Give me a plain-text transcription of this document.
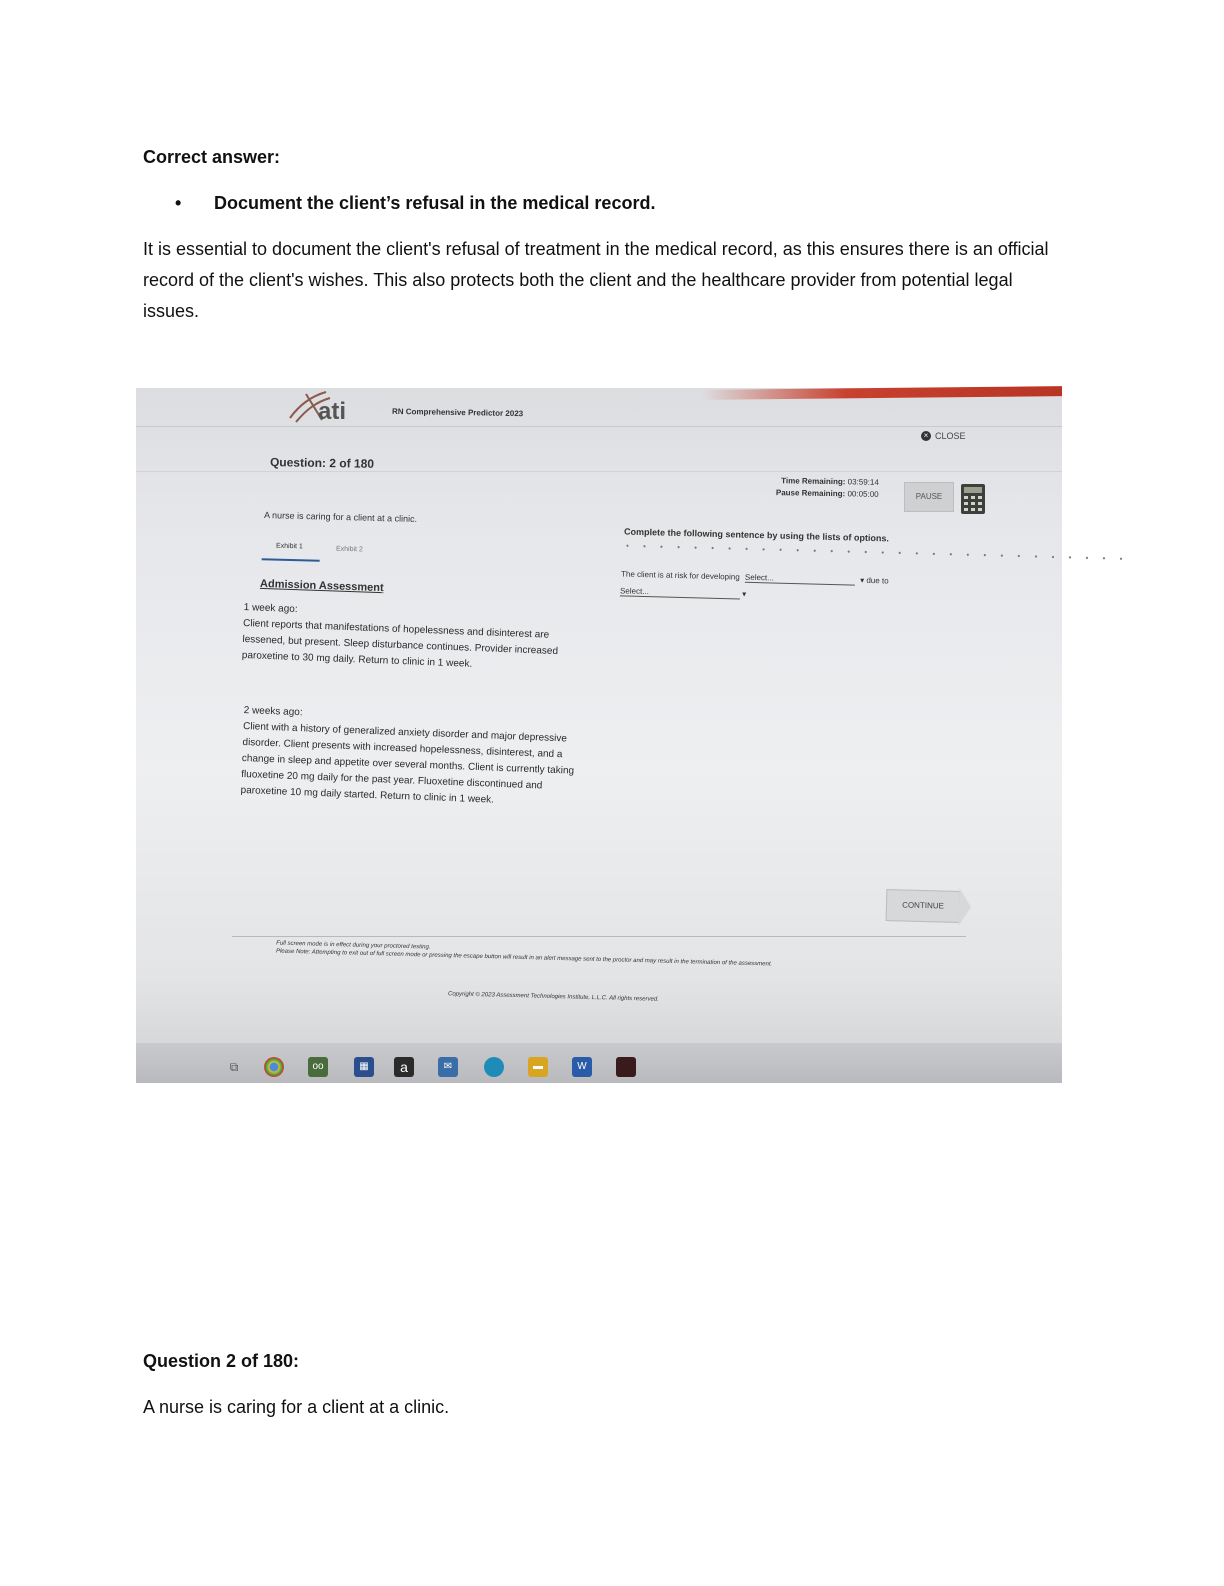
Correct answer:
•	Document the client’s refusal in the medical record.
It is essential to document the client's refusal of treatment in the medical record, as this ensures there is an official record of the client's wishes. This also protects both the client and the healthcare provider from potential legal issues.
ati	RN Comprehensive Predictor 2023
× CLOSE
Question: 2 of 180
Time Remaining: 03:59:14
Pause Remaining: 00:05:00	PAUSE
A nurse is caring for a client at a clinic.
Exhibit 1	Exhibit 2
Complete the following sentence by using the lists of options.
• • • • • • • • • • • • • • • • • • • • • • • • • • • • • •
The client is at risk for developing Select...	▾ due to
Select...	▾
Admission Assessment
1 week ago:
Client reports that manifestations of hopelessness and disinterest are lessened, but present. Sleep disturbance continues. Provider increased paroxetine to 30 mg daily. Return to clinic in 1 week.
2 weeks ago:
Client with a history of generalized anxiety disorder and major depressive disorder. Client presents with increased hopelessness, disinterest, and a change in sleep and appetite over several months. Client is currently taking fluoxetine 20 mg daily for the past year. Fluoxetine discontinued and paroxetine 10 mg daily started. Return to clinic in 1 week.
CONTINUE
Full screen mode is in effect during your proctored testing.
Please Note: Attempting to exit out of full screen mode or pressing the escape button will result in an alert message sent to the proctor and may result in the termination of the assessment.
Copyright © 2023 Assessment Technologies Institute, L.L.C. All rights reserved.
⧉	oo	▦	a	✉	▬	W
Question 2 of 180:
A nurse is caring for a client at a clinic.
